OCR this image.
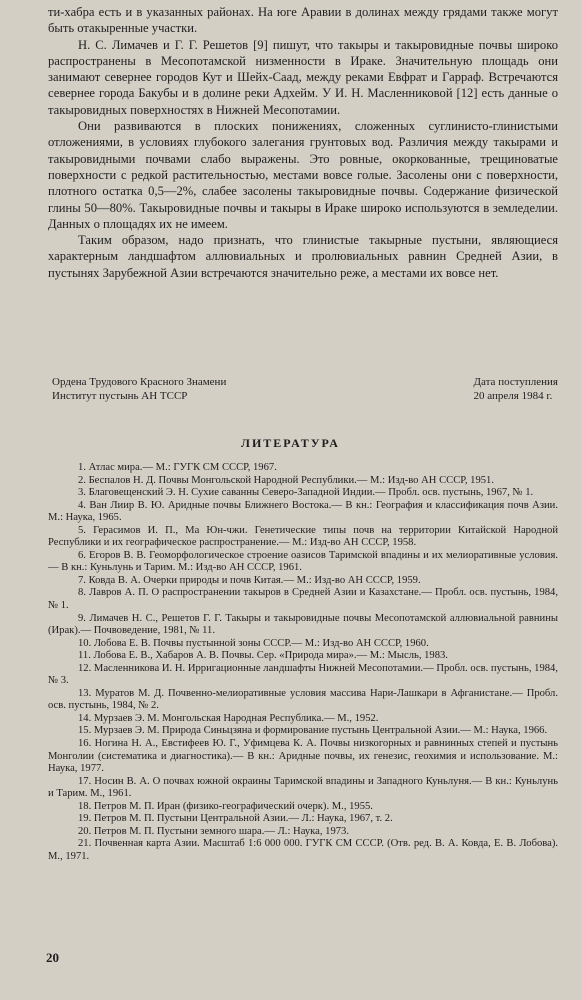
ти-хабра есть и в указанных районах. На юге Аравии в долинах между грядами также могут быть отакыренные участки.

Н. С. Лимачев и Г. Г. Решетов [9] пишут, что такыры и такыровидные почвы широко распространены в Месопотамской низменности в Ираке. Значительную площадь они занимают севернее городов Кут и Шейх-Саад, между реками Евфрат и Гарраф. Встречаются севернее города Бакубы и в долине реки Адхейм. У И. Н. Масленниковой [12] есть данные о такыровидных поверхностях в Нижней Месопотамии.

Они развиваются в плоских понижениях, сложенных суглинисто-глинистыми отложениями, в условиях глубокого залегания грунтовых вод. Различия между такырами и такыровидными почвами слабо выражены. Это ровные, окоркованные, трещиноватые поверхности с редкой растительностью, местами вовсе голые. Засолены они с поверхности, плотного остатка 0,5—2%, слабее засолены такыровидные почвы. Содержание физической глины 50—80%. Такыровидные почвы и такыры в Ираке широко используются в земледелии. Данных о площадях их не имеем.

Таким образом, надо признать, что глинистые такырные пустыни, являющиеся характерным ландшафтом аллювиальных и пролювиальных равнин Средней Азии, в пустынях Зарубежной Азии встречаются значительно реже, а местами их вовсе нет.

Ордена Трудового Красного Знамени
Институт пустынь АН ТССР
Дата поступления
20 апреля 1984 г.
ЛИТЕРАТУРА

1. Атлас мира.— М.: ГУГК СМ СССР, 1967.

2. Беспалов Н. Д. Почвы Монгольской Народной Республики.— М.: Изд-во АН СССР, 1951.

3. Благовещенский Э. Н. Сухие саванны Северо-Западной Индии.— Пробл. осв. пустынь, 1967, № 1.

4. Ван Лиир В. Ю. Аридные почвы Ближнего Востока.— В кн.: География и классификация почв Азии. М.: Наука, 1965.

5. Герасимов И. П., Ма Юн-чжи. Генетические типы почв на территории Китайской Народной Республики и их географическое распространение.— М.: Изд-во АН СССР, 1958.

6. Егоров В. В. Геоморфологическое строение оазисов Таримской впадины и их мелиоративные условия.— В кн.: Куньлунь и Тарим. М.: Изд-во АН СССР, 1961.

7. Ковда В. А. Очерки природы и почв Китая.— М.: Изд-во АН СССР, 1959.

8. Лавров А. П. О распространении такыров в Средней Азии и Казахстане.— Пробл. осв. пустынь, 1984, № 1.

9. Лимачев Н. С., Решетов Г. Г. Такыры и такыровидные почвы Месопотамской аллювиальной равнины (Ирак).— Почвоведение, 1981, № 11.

10. Лобова Е. В. Почвы пустынной зоны СССР.— М.: Изд-во АН СССР, 1960.

11. Лобова Е. В., Хабаров А. В. Почвы. Сер. «Природа мира».— М.: Мысль, 1983.

12. Масленникова И. Н. Ирригационные ландшафты Нижней Месопотамии.— Пробл. осв. пустынь, 1984, № 3.

13. Муратов М. Д. Почвенно-мелиоративные условия массива Нари-Лашкари в Афганистане.— Пробл. осв. пустынь, 1984, № 2.

14. Мурзаев Э. М. Монгольская Народная Республика.— М., 1952.

15. Мурзаев Э. М. Природа Синьцзяна и формирование пустынь Центральной Азии.— М.: Наука, 1966.

16. Ногина Н. А., Евстифеев Ю. Г., Уфимцева К. А. Почвы низкогорных и равнинных степей и пустынь Монголии (систематика и диагностика).— В кн.: Аридные почвы, их генезис, геохимия и использование. М.: Наука, 1977.

17. Носин В. А. О почвах южной окраины Таримской впадины и Западного Куньлуня.— В кн.: Куньлунь и Тарим. М., 1961.

18. Петров М. П. Иран (физико-географический очерк). М., 1955.

19. Петров М. П. Пустыни Центральной Азии.— Л.: Наука, 1967, т. 2.

20. Петров М. П. Пустыни земного шара.— Л.: Наука, 1973.

21. Почвенная карта Азии. Масштаб 1:6 000 000. ГУГК СМ СССР. (Отв. ред. В. А. Ковда, Е. В. Лобова). М., 1971.

20
